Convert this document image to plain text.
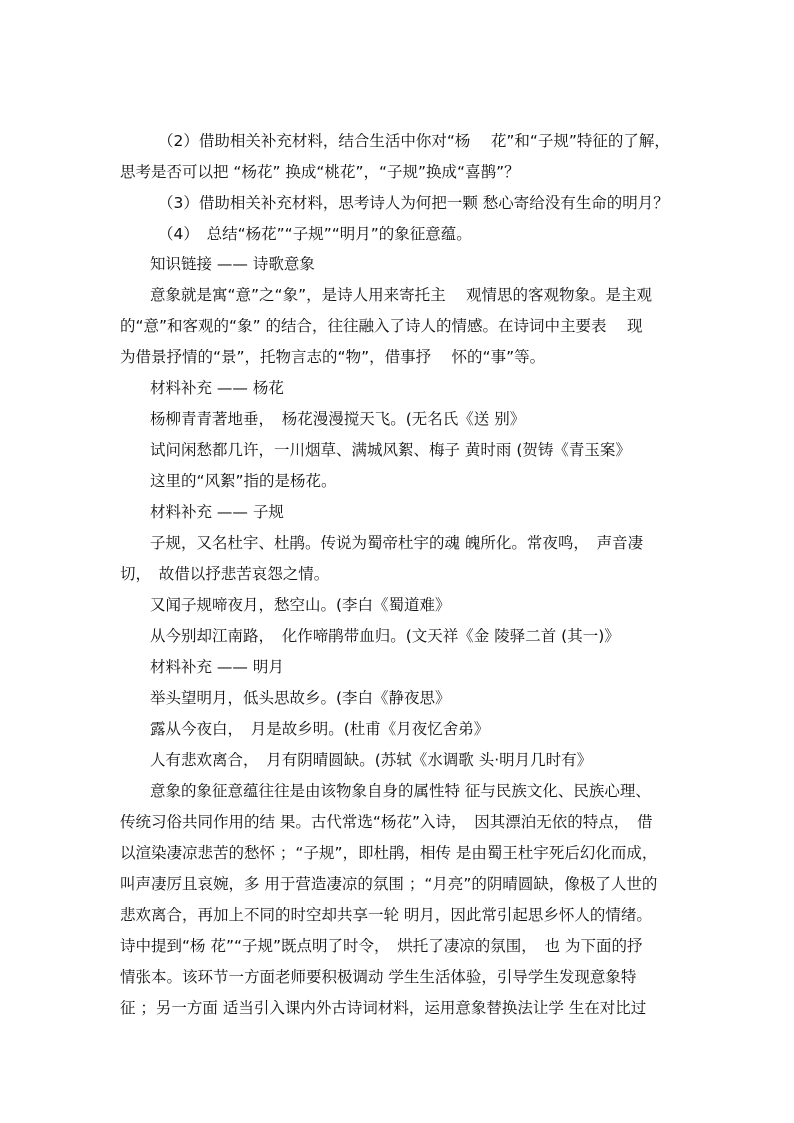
（2）借助相关补充材料，结合生活中你对“杨　 花”和“子规”特征的了解，
思考是否可以把 “杨花” 换成“桃花”，“子规”换成“喜鹊”？
（3）借助相关补充材料，思考诗人为何把一颗 愁心寄给没有生命的明月？
（4）　总结“杨花”“子规”“明月”的象征意蕴。
知识链接 —— 诗歌意象
意象就是寓“意”之“象”，是诗人用来寄托主　 观情思的客观物象。是主观
的“意”和客观的“象” 的结合，往往融入了诗人的情感。在诗词中主要表　 现
为借景抒情的“景”，托物言志的“物”，借事抒　 怀的“事”等。
材料补充 —— 杨花
杨柳青青著地垂，　杨花漫漫搅天飞。(无名氏《送 别》
试问闲愁都几许，一川烟草、满城风絮、梅子 黄时雨 (贺铸《青玉案》
这里的“风絮”指的是杨花。
材料补充 —— 子规
子规，又名杜宇、杜鹃。传说为蜀帝杜宇的魂 魄所化。常夜鸣，　声音凄
切，　故借以抒悲苦哀怨之情。
又闻子规啼夜月，愁空山。(李白《蜀道难》
从今别却江南路，　化作啼鹃带血归。(文天祥《金 陵驿二首 (其一)》
材料补充 —— 明月
举头望明月，低头思故乡。(李白《静夜思》
露从今夜白，　月是故乡明。(杜甫《月夜忆舍弟》
人有悲欢离合，　月有阴晴圆缺。(苏轼《水调歌 头·明月几时有》
意象的象征意蕴往往是由该物象自身的属性特 征与民族文化、民族心理、
传统习俗共同作用的结 果。古代常选“杨花”入诗，　因其漂泊无依的特点，　借
以渲染凄凉悲苦的愁怀 ；“子规”，即杜鹃，相传 是由蜀王杜宇死后幻化而成，
叫声凄厉且哀婉，多 用于营造凄凉的氛围 ；“月亮”的阴晴圆缺，像极了人世的
悲欢离合，再加上不同的时空却共享一轮 明月，因此常引起思乡怀人的情绪。
诗中提到“杨 花”“子规”既点明了时令，　烘托了凄凉的氛围，　也 为下面的抒
情张本。该环节一方面老师要积极调动 学生生活体验，引导学生发现意象特
征 ；另一方面 适当引入课内外古诗词材料，运用意象替换法让学 生在对比过
